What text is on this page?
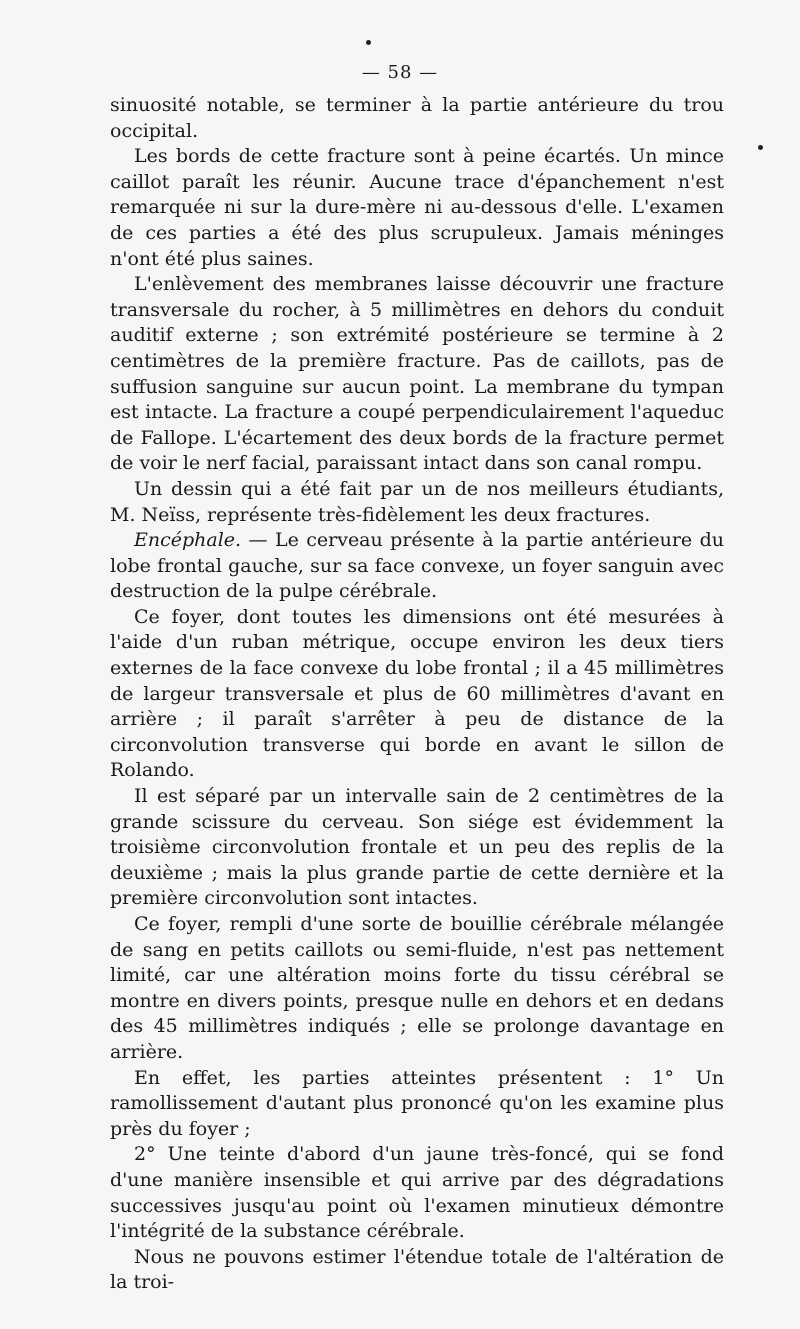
— 58 —

sinuosité notable, se terminer à la partie antérieure du trou occipital.

Les bords de cette fracture sont à peine écartés. Un mince caillot paraît les réunir. Aucune trace d'épanchement n'est remarquée ni sur la dure-mère ni au-dessous d'elle. L'examen de ces parties a été des plus scrupuleux. Jamais méninges n'ont été plus saines.

L'enlèvement des membranes laisse découvrir une fracture transversale du rocher, à 5 millimètres en dehors du conduit auditif externe ; son extrémité postérieure se termine à 2 centimètres de la première fracture. Pas de caillots, pas de suffusion sanguine sur aucun point. La membrane du tympan est intacte. La fracture a coupé perpendiculairement l'aqueduc de Fallope. L'écartement des deux bords de la fracture permet de voir le nerf facial, paraissant intact dans son canal rompu.

Un dessin qui a été fait par un de nos meilleurs étudiants, M. Neïss, représente très-fidèlement les deux fractures.

Encéphale. — Le cerveau présente à la partie antérieure du lobe frontal gauche, sur sa face convexe, un foyer sanguin avec destruction de la pulpe cérébrale.

Ce foyer, dont toutes les dimensions ont été mesurées à l'aide d'un ruban métrique, occupe environ les deux tiers externes de la face convexe du lobe frontal ; il a 45 millimètres de largeur transversale et plus de 60 millimètres d'avant en arrière ; il paraît s'arrêter à peu de distance de la circonvolution transverse qui borde en avant le sillon de Rolando.

Il est séparé par un intervalle sain de 2 centimètres de la grande scissure du cerveau. Son siége est évidemment la troisième circonvolution frontale et un peu des replis de la deuxième ; mais la plus grande partie de cette dernière et la première circonvolution sont intactes.

Ce foyer, rempli d'une sorte de bouillie cérébrale mélangée de sang en petits caillots ou semi-fluide, n'est pas nettement limité, car une altération moins forte du tissu cérébral se montre en divers points, presque nulle en dehors et en dedans des 45 millimètres indiqués ; elle se prolonge davantage en arrière.

En effet, les parties atteintes présentent : 1° Un ramollissement d'autant plus prononcé qu'on les examine plus près du foyer ;

2° Une teinte d'abord d'un jaune très-foncé, qui se fond d'une manière insensible et qui arrive par des dégradations successives jusqu'au point où l'examen minutieux démontre l'intégrité de la substance cérébrale.

Nous ne pouvons estimer l'étendue totale de l'altération de la troi-
